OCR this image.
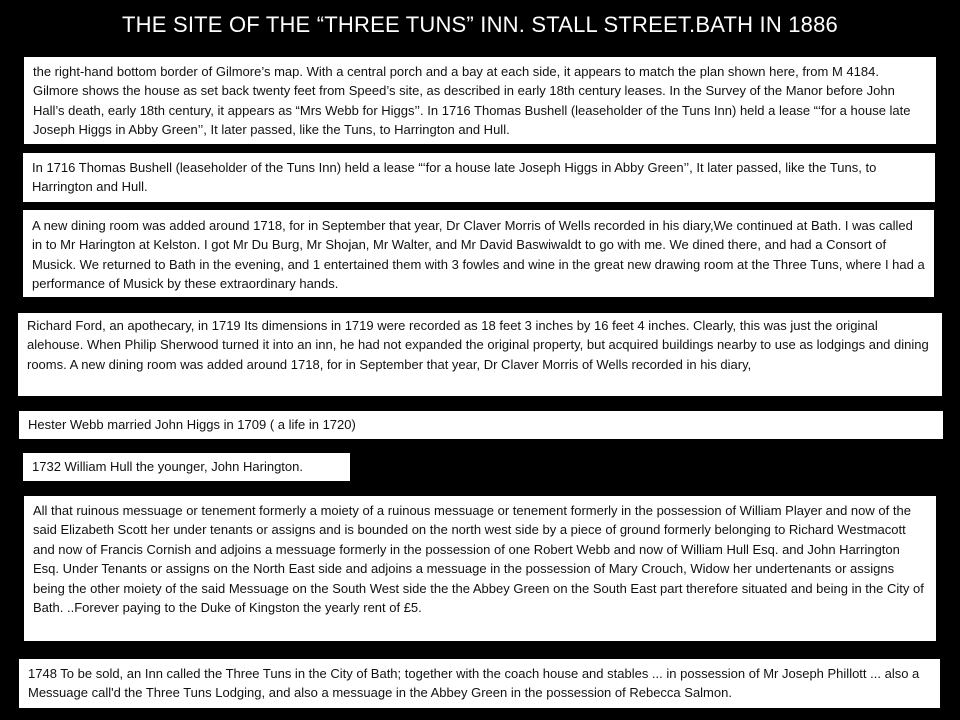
THE SITE OF THE “THREE TUNS” INN. STALL STREET.BATH IN 1886
the right-hand bottom border of Gilmore’s map. With a central porch and a bay at each side, it appears to match the plan shown here, from M 4184. Gilmore shows the house as set back twenty feet from Speed’s site, as described in early 18th century leases. In the Survey of the Manor before John Hall’s death, early 18th century, it appears as “Mrs Webb for Higgs’’. In 1716 Thomas Bushell (leaseholder of the Tuns Inn) held a lease “‘for a house late Joseph Higgs in Abby Green’’, It later passed, like the Tuns, to Harrington and Hull.
In 1716 Thomas Bushell (leaseholder of the Tuns Inn) held a lease “‘for a house late Joseph Higgs in Abby Green’’, It later passed, like the Tuns, to Harrington and Hull.
A new dining room was added around 1718, for in September that year, Dr Claver Morris of Wells recorded in his diary,We continued at Bath. I was called in to Mr Harington at Kelston. I got Mr Du Burg, Mr Shojan, Mr Walter, and Mr David Baswiwaldt to go with me. We dined there, and had a Consort of Musick. We returned to Bath in the evening, and 1 entertained them with 3 fowles and wine in the great new drawing room at the Three Tuns, where I had a performance of Musick by these extraordinary hands.
Richard Ford, an apothecary, in 1719 Its dimensions in 1719 were recorded as 18 feet 3 inches by 16 feet 4 inches. Clearly, this was just the original alehouse. When Philip Sherwood turned it into an inn, he had not expanded the original property, but acquired buildings nearby to use as lodgings and dining rooms. A new dining room was added around 1718, for in September that year, Dr Claver Morris of Wells recorded in his diary,
Hester Webb married John Higgs in 1709 ( a life in 1720)
1732 William Hull the younger, John Harington.
All that ruinous messuage or tenement formerly a moiety of a ruinous messuage or tenement formerly in the possession of William Player and now of the said Elizabeth Scott her under tenants or assigns and is bounded on the north west side by a piece of ground formerly belonging to Richard Westmacott and now of Francis Cornish and adjoins a messuage formerly in the possession of one Robert Webb and now of William Hull Esq. and John Harrington Esq. Under Tenants or assigns on the North East side and adjoins a messuage in the possession of Mary Crouch, Widow her undertenants or assigns being the other moiety of the said Messuage on the South West side the the Abbey Green on the South East part therefore situated and being in the City of Bath. ..Forever paying to the Duke of Kingston the yearly rent of £5.
1748 To be sold, an Inn called the Three Tuns in the City of Bath; together with the coach house and stables ... in possession of Mr Joseph Phillott ... also a Messuage call'd the Three Tuns Lodging, and also a messuage in the Abbey Green in the possession of Rebecca Salmon.
